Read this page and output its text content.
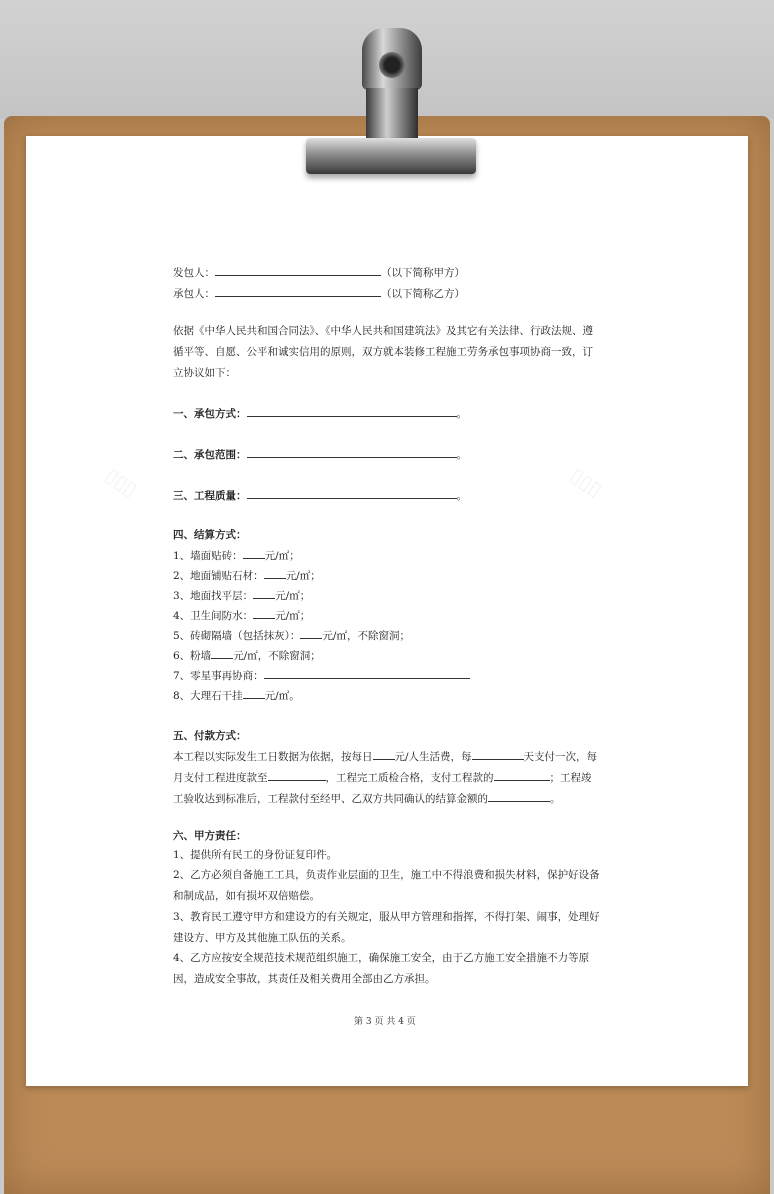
▯▯▯	▯▯▯
发包人：	（以下简称甲方）
承包人：	（以下简称乙方）
依据《中华人民共和国合同法》、《中华人民共和国建筑法》及其它有关法律、行政法规、遵循平等、自愿、公平和诚实信用的原则，双方就本装修工程施工劳务承包事项协商一致，订立协议如下：
一、承包方式：	。
二、承包范围：	。
三、工程质量：	。
四、结算方式：
1、墙面贴砖： 元/㎡；
2、地面铺贴石材： 元/㎡；
3、地面找平层： 元/㎡；
4、卫生间防水： 元/㎡；
5、砖砌隔墙（包括抹灰）： 元/㎡，不除窗洞；
6、粉墙 元/㎡，不除窗洞；
7、零星事再协商：
8、大理石干挂 元/㎡。
五、付款方式：
本工程以实际发生工日数据为依据，按每日 元/人生活费，每	天支付一次，每
月支付工程进度款至	，工程完工质检合格，支付工程款的	；工程竣
工验收达到标准后，工程款付至经甲、乙双方共同确认的结算金额的	。
六、甲方责任：
1、提供所有民工的身份证复印件。
2、乙方必须自备施工工具，负责作业层面的卫生，施工中不得浪费和损失材料，保护好设备和制成品，如有损坏双倍赔偿。
3、教育民工遵守甲方和建设方的有关规定，服从甲方管理和指挥，不得打架、闹事，处理好建设方、甲方及其他施工队伍的关系。
4、乙方应按安全规范技术规范组织施工，确保施工安全，由于乙方施工安全措施不力等原因，造成安全事故，其责任及相关费用全部由乙方承担。
第 3 页 共 4 页
